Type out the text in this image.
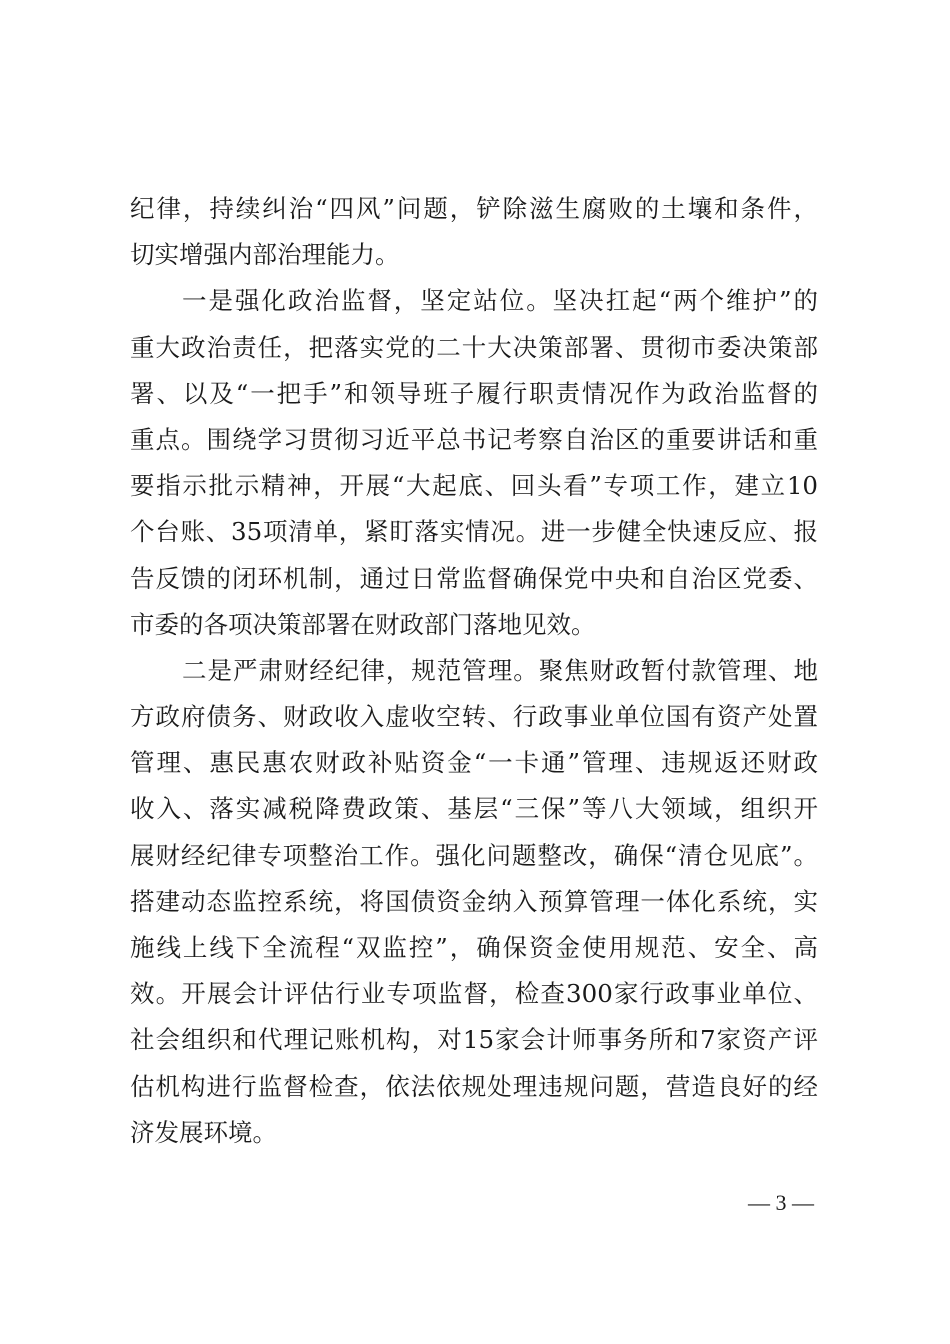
纪律，持续纠治“四风”问题，铲除滋生腐败的土壤和条件，
切实增强内部治理能力。
一是强化政治监督，坚定站位。坚决扛起“两个维护”的
重大政治责任，把落实党的二十大决策部署、贯彻市委决策部
署、以及“一把手”和领导班子履行职责情况作为政治监督的
重点。围绕学习贯彻习近平总书记考察自治区的重要讲话和重
要指示批示精神，开展“大起底、回头看”专项工作，建立10
个台账、35项清单，紧盯落实情况。进一步健全快速反应、报
告反馈的闭环机制，通过日常监督确保党中央和自治区党委、
市委的各项决策部署在财政部门落地见效。
二是严肃财经纪律，规范管理。聚焦财政暂付款管理、地
方政府债务、财政收入虚收空转、行政事业单位国有资产处置
管理、惠民惠农财政补贴资金“一卡通”管理、违规返还财政
收入、落实减税降费政策、基层“三保”等八大领域，组织开
展财经纪律专项整治工作。强化问题整改，确保“清仓见底”。
搭建动态监控系统，将国债资金纳入预算管理一体化系统，实
施线上线下全流程“双监控”，确保资金使用规范、安全、高
效。开展会计评估行业专项监督，检查300家行政事业单位、
社会组织和代理记账机构，对15家会计师事务所和7家资产评
估机构进行监督检查，依法依规处理违规问题，营造良好的经
济发展环境。
— 3 —
